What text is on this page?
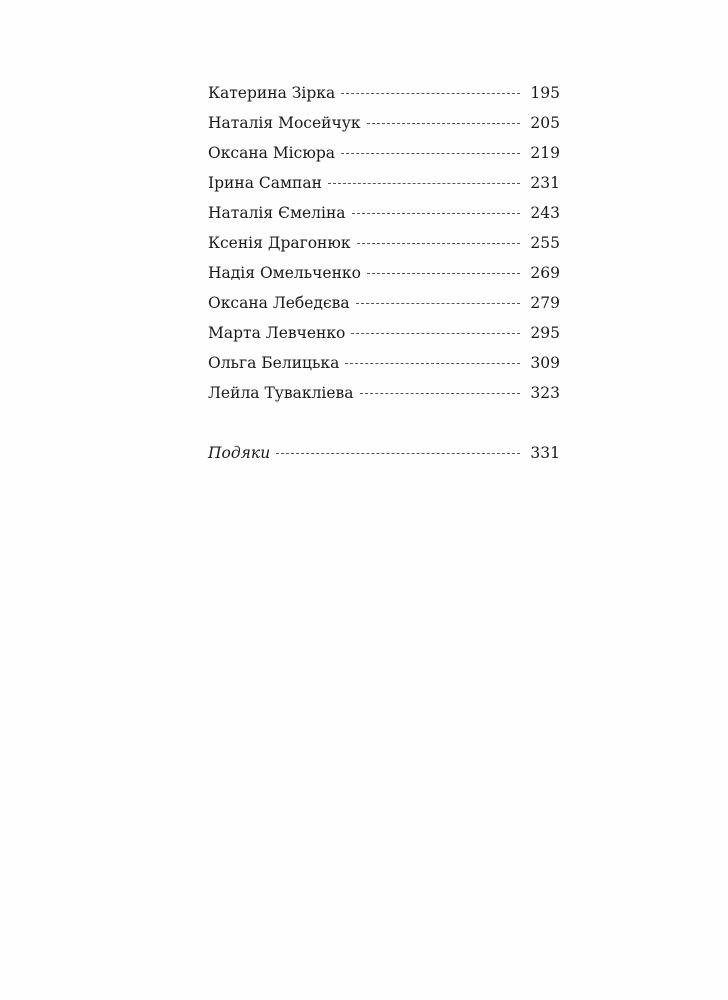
Катерина Зірка	195
Наталія Мосейчук	205
Оксана Місюра	219
Ірина Сампан	231
Наталія Ємеліна	243
Ксенія Драгонюк	255
Надія Омельченко	269
Оксана Лебедєва	279
Марта Левченко	295
Ольга Белицька	309
Лейла Тувакліева	323
Подяки	331
